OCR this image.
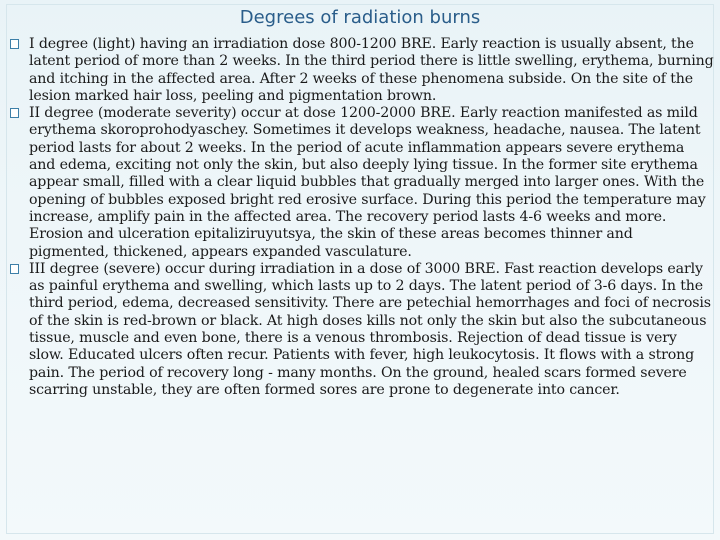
Degrees of radiation burns

I degree (light) having an irradiation dose 800-1200 BRE. Early reaction is usually absent, the latent period of more than 2 weeks. In the third period there is little swelling, erythema, burning and itching in the affected area. After 2 weeks of these phenomena subside. On the site of the lesion marked hair loss, peeling and pigmentation brown.

II degree (moderate severity) occur at dose 1200-2000 BRE. Early reaction manifested as mild erythema skoroprohodyaschey. Sometimes it develops weakness, headache, nausea. The latent period lasts for about 2 weeks. In the period of acute inflammation appears severe erythema and edema, exciting not only the skin, but also deeply lying tissue. In the former site erythema appear small, filled with a clear liquid bubbles that gradually merged into larger ones. With the opening of bubbles exposed bright red erosive surface. During this period the temperature may increase, amplify pain in the affected area. The recovery period lasts 4-6 weeks and more. Erosion and ulceration epitaliziruyutsya, the skin of these areas becomes thinner and pigmented, thickened, appears expanded vasculature.

III degree (severe) occur during irradiation in a dose of 3000 BRE. Fast reaction develops early as painful erythema and swelling, which lasts up to 2 days. The latent period of 3-6 days. In the third period, edema, decreased sensitivity. There are petechial hemorrhages and foci of necrosis of the skin is red-brown or black. At high doses kills not only the skin but also the subcutaneous tissue, muscle and even bone, there is a venous thrombosis. Rejection of dead tissue is very slow. Educated ulcers often recur. Patients with fever, high leukocytosis. It flows with a strong pain. The period of recovery long - many months. On the ground, healed scars formed severe scarring unstable, they are often formed sores are prone to degenerate into cancer.
